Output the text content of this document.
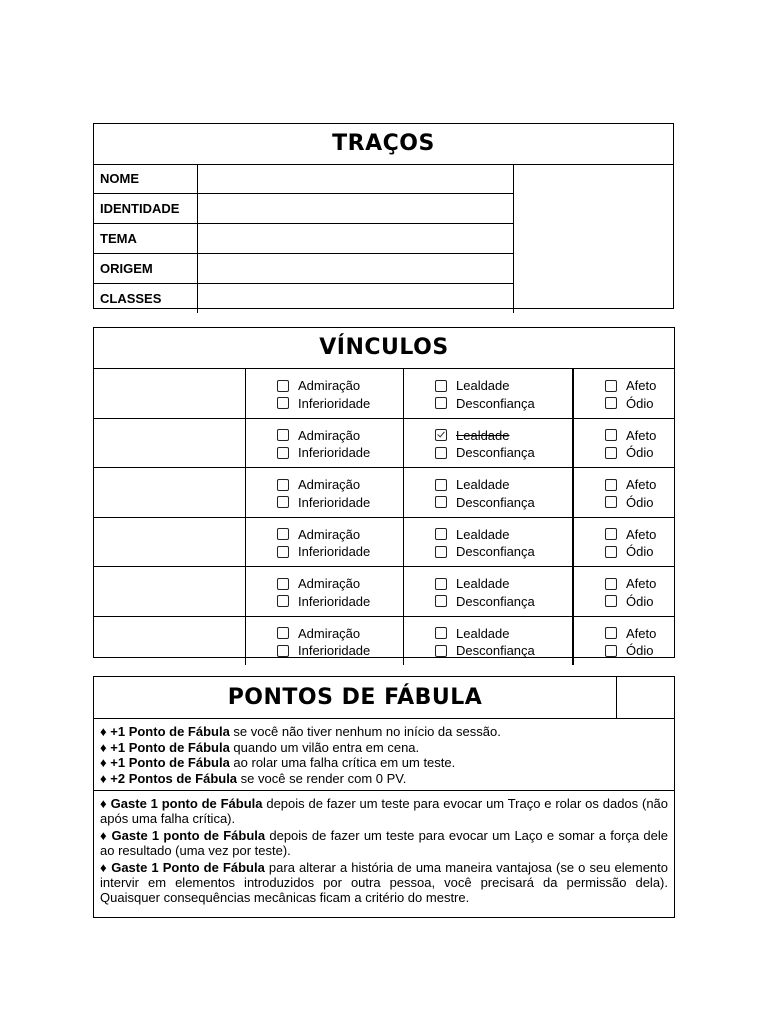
TRAÇOS
NOME
IDENTIDADE
TEMA
ORIGEM
CLASSES
VÍNCULOS
Admiração
Inferioridade
Lealdade
Desconfiança
Afeto
Ódio
Admiração
Inferioridade
Lealdade
Desconfiança
Afeto
Ódio
Admiração
Inferioridade
Lealdade
Desconfiança
Afeto
Ódio
Admiração
Inferioridade
Lealdade
Desconfiança
Afeto
Ódio
Admiração
Inferioridade
Lealdade
Desconfiança
Afeto
Ódio
Admiração
Inferioridade
Lealdade
Desconfiança
Afeto
Ódio
PONTOS DE FÁBULA
♦ +1 Ponto de Fábula se você não tiver nenhum no início da sessão.
♦ +1 Ponto de Fábula quando um vilão entra em cena.
♦ +1 Ponto de Fábula ao rolar uma falha crítica em um teste.
♦ +2 Pontos de Fábula se você se render com 0 PV.

♦ Gaste 1 ponto de Fábula depois de fazer um teste para evocar um Traço e rolar os dados (não após uma falha crítica).

♦ Gaste 1 ponto de Fábula depois de fazer um teste para evocar um Laço e somar a força dele ao resultado (uma vez por teste).

♦ Gaste 1 Ponto de Fábula para alterar a história de uma maneira vantajosa (se o seu elemento intervir em elementos introduzidos por outra pessoa, você precisará da permissão dela). Quaisquer consequências mecânicas ficam a critério do mestre.
